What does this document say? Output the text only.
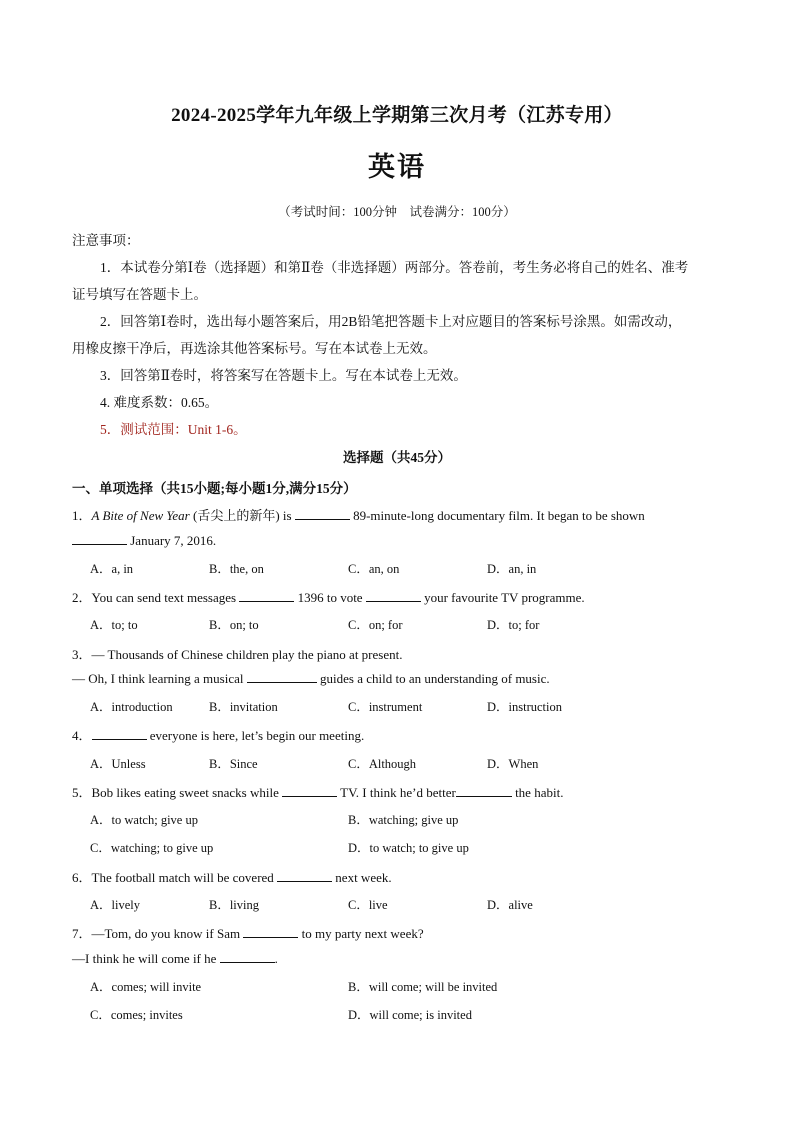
2024-2025学年九年级上学期第三次月考（江苏专用）
英语
（考试时间：100分钟　试卷满分：100分）
注意事项：
1．本试卷分第Ⅰ卷（选择题）和第Ⅱ卷（非选择题）两部分。答卷前，考生务必将自己的姓名、准考
证号填写在答题卡上。
2．回答第Ⅰ卷时，选出每小题答案后，用2B铅笔把答题卡上对应题目的答案标号涂黑。如需改动，
用橡皮擦干净后，再选涂其他答案标号。写在本试卷上无效。
3．回答第Ⅱ卷时，将答案写在答题卡上。写在本试卷上无效。
4. 难度系数：0.65。
5．测试范围：Unit 1-6。
选择题（共45分）
一、单项选择（共15小题;每小题1分,满分15分）
1．A Bite of New Year (舌尖上的新年) is	89-minute-long documentary film. It began to be shown
January 7, 2016.
A．a, in	B．the, on	C．an, on	D．an, in
2．You can send text messages	1396 to vote	your favourite TV programme.
A．to; to	B．on; to	C．on; for	D．to; for
3．— Thousands of Chinese children play the piano at present.
— Oh, I think learning a musical	guides a child to an understanding of music.
A．introduction	B．invitation	C．instrument	D．instruction
4．	everyone is here, let’s begin our meeting.
A．Unless	B．Since	C．Although	D．When
5．Bob likes eating sweet snacks while	TV. I think he’d better	the habit.
A．to watch; give up	B．watching; give up
C．watching; to give up	D．to watch; to give up
6．The football match will be covered	next week.
A．lively	B．living	C．live	D．alive
7．—Tom, do you know if Sam	to my party next week?
—I think he will come if he	.
A．comes; will invite	B．will come; will be invited
C．comes; invites	D．will come; is invited
